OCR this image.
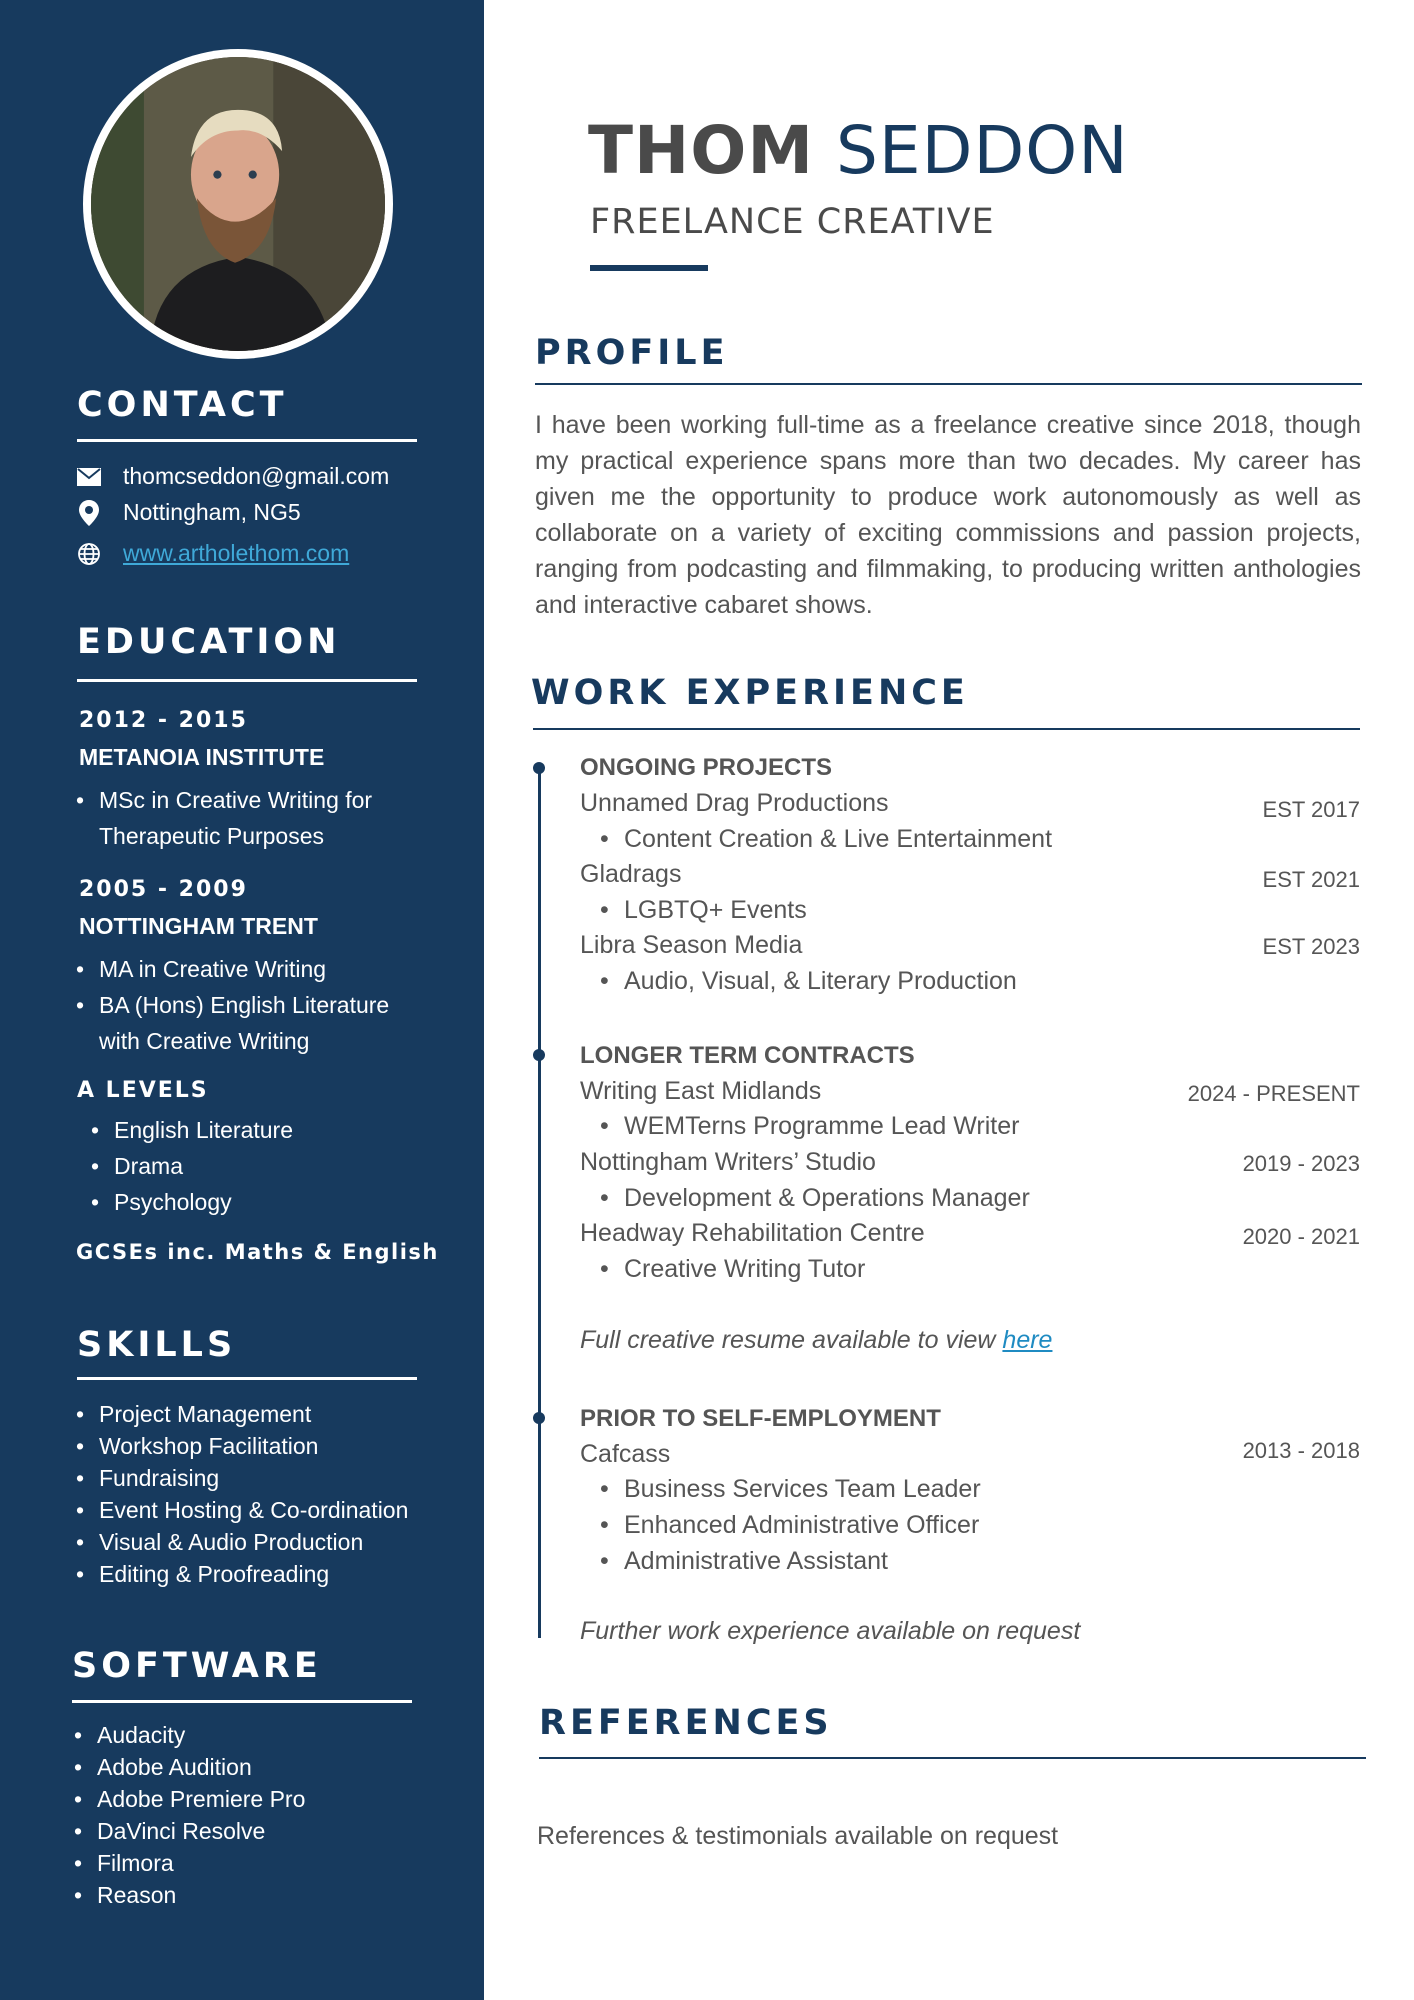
CONTACT
thomcseddon@gmail.com
Nottingham, NG5
www.artholethom.com
EDUCATION
2012 - 2015
METANOIA INSTITUTE
• MSc in Creative Writing for
Therapeutic Purposes
2005 - 2009
NOTTINGHAM TRENT
• MA in Creative Writing
• BA (Hons) English Literature
with Creative Writing
A LEVELS
• English Literature
• Drama
• Psychology
GCSEs inc. Maths & English
SKILLS
• Project Management
• Workshop Facilitation
• Fundraising
• Event Hosting & Co-ordination
• Visual & Audio Production
• Editing & Proofreading
SOFTWARE
• Audacity
• Adobe Audition
• Adobe Premiere Pro
• DaVinci Resolve
• Filmora
• Reason
THOM SEDDON
FREELANCE CREATIVE
PROFILE
I have been working full-time as a freelance creative since 2018, though my practical experience spans more than two decades. My career has given me the opportunity to produce work autonomously as well as collaborate on a variety of exciting commissions and passion projects, ranging from podcasting and filmmaking, to producing written anthologies and interactive cabaret shows.
WORK EXPERIENCE
ONGOING PROJECTS
Unnamed Drag Productions	EST 2017
• Content Creation & Live Entertainment
Gladrags	EST 2021
• LGBTQ+ Events
Libra Season Media	EST 2023
• Audio, Visual, & Literary Production
LONGER TERM CONTRACTS
Writing East Midlands	2024 - PRESENT
• WEMTerns Programme Lead Writer
Nottingham Writers’ Studio	2019 - 2023
• Development & Operations Manager
Headway Rehabilitation Centre	2020 - 2021
• Creative Writing Tutor
Full creative resume available to view here
PRIOR TO SELF-EMPLOYMENT
Cafcass	2013 - 2018
• Business Services Team Leader
• Enhanced Administrative Officer
• Administrative Assistant
Further work experience available on request
REFERENCES
References & testimonials available on request
